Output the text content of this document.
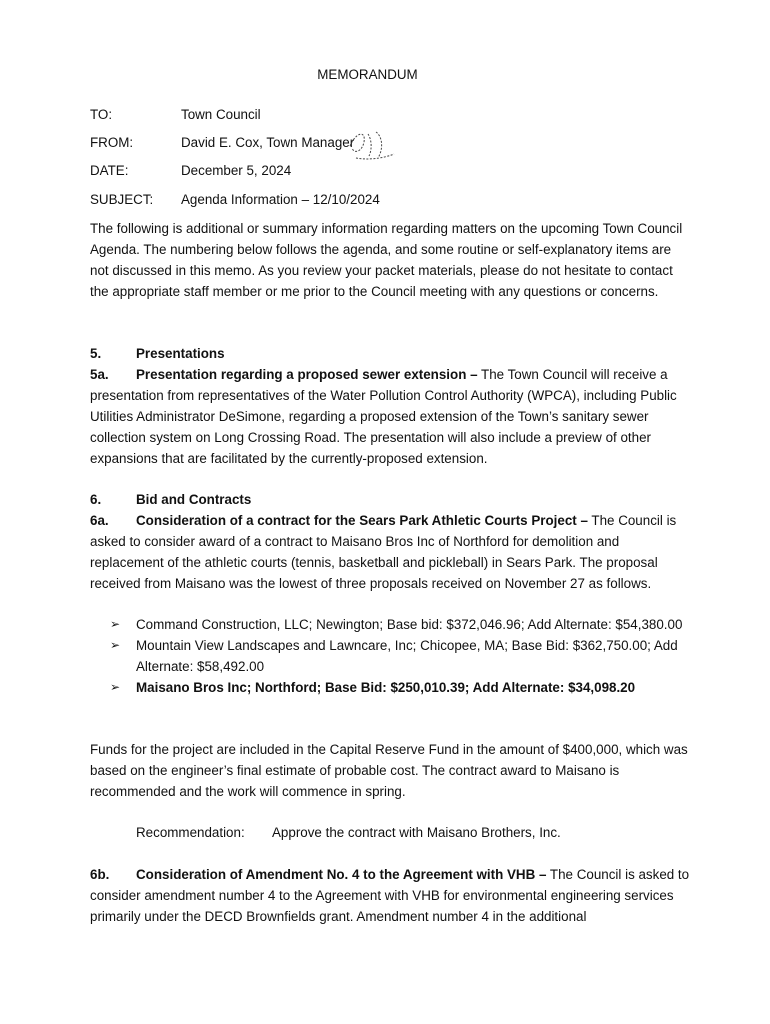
MEMORANDUM
TO:	Town Council
FROM:	David E. Cox, Town Manager
DATE:	December 5, 2024
SUBJECT: Agenda Information – 12/10/2024
The following is additional or summary information regarding matters on the upcoming Town Council Agenda. The numbering below follows the agenda, and some routine or self-explanatory items are not discussed in this memo. As you review your packet materials, please do not hesitate to contact the appropriate staff member or me prior to the Council meeting with any questions or concerns.
5.	Presentations
5a. Presentation regarding a proposed sewer extension – The Town Council will receive a presentation from representatives of the Water Pollution Control Authority (WPCA), including Public Utilities Administrator DeSimone, regarding a proposed extension of the Town’s sanitary sewer collection system on Long Crossing Road. The presentation will also include a preview of other expansions that are facilitated by the currently-proposed extension.
6.	Bid and Contracts
6a. Consideration of a contract for the Sears Park Athletic Courts Project – The Council is asked to consider award of a contract to Maisano Bros Inc of Northford for demolition and replacement of the athletic courts (tennis, basketball and pickleball) in Sears Park. The proposal received from Maisano was the lowest of three proposals received on November 27 as follows.
➢ Command Construction, LLC; Newington; Base bid: $372,046.96; Add Alternate: $54,380.00
➢ Mountain View Landscapes and Lawncare, Inc; Chicopee, MA; Base Bid: $362,750.00; Add Alternate: $58,492.00
➢ Maisano Bros Inc; Northford; Base Bid: $250,010.39; Add Alternate: $34,098.20
Funds for the project are included in the Capital Reserve Fund in the amount of $400,000, which was based on the engineer’s final estimate of probable cost. The contract award to Maisano is recommended and the work will commence in spring.
Recommendation: Approve the contract with Maisano Brothers, Inc.
6b. Consideration of Amendment No. 4 to the Agreement with VHB – The Council is asked to consider amendment number 4 to the Agreement with VHB for environmental engineering services primarily under the DECD Brownfields grant. Amendment number 4 in the additional
